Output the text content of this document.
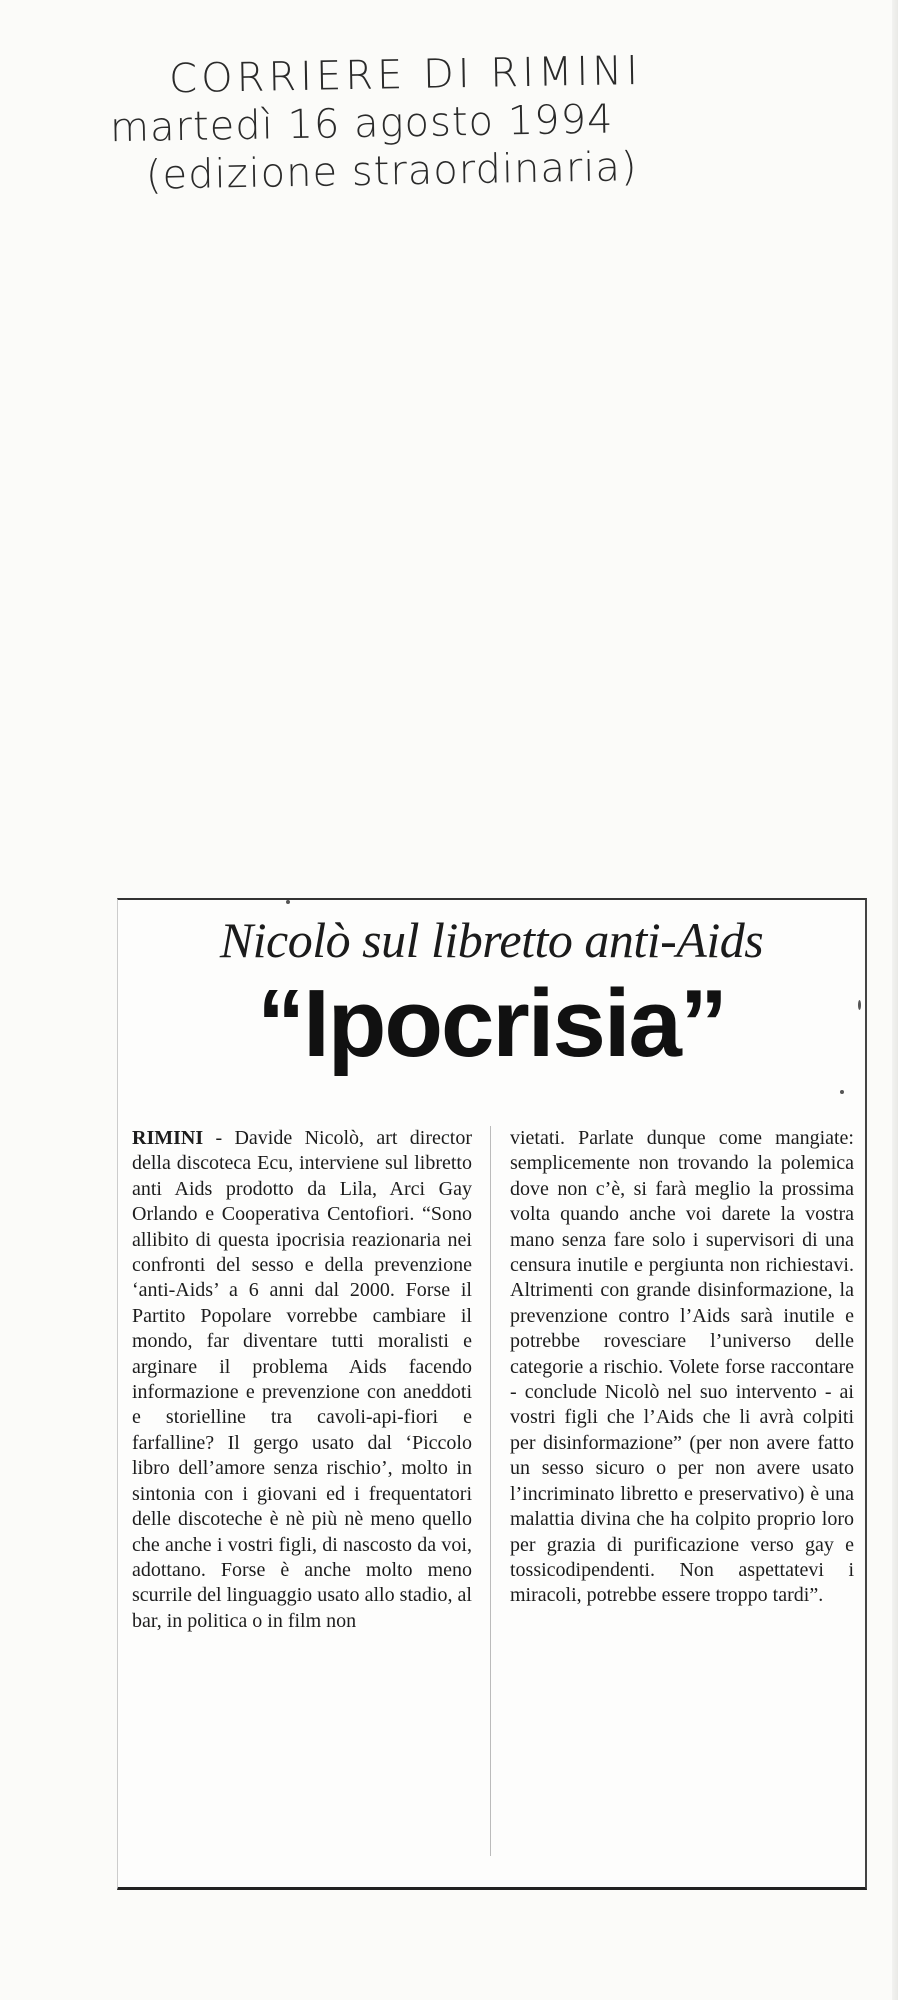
CORRIERE DI RIMINI
martedì 16 agosto 1994
(edizione straordinaria)
Nicolò sul libretto anti-Aids
“Ipocrisia”
RIMINI - Davide Nicolò, art director della discoteca Ecu, interviene sul libretto anti Aids prodotto da Lila, Arci Gay Orlando e Cooperativa Centofiori. “Sono allibito di questa ipocrisia reazionaria nei confronti del sesso e della prevenzione ‘anti-Aids’ a 6 anni dal 2000. Forse il Partito Popolare vorrebbe cambiare il mondo, far diventare tutti moralisti e arginare il problema Aids facendo informazione e prevenzione con aneddoti e storielline tra cavoli-api-fiori e farfalline? Il gergo usato dal ‘Piccolo libro dell’amore senza rischio’, molto in sintonia con i giovani ed i frequentatori delle discoteche è nè più nè meno quello che anche i vostri figli, di nascosto da voi, adottano. Forse è anche molto meno scurrile del linguaggio usato allo stadio, al bar, in politica o in film non
vietati. Parlate dunque come mangiate: semplicemente non trovando la polemica dove non c’è, si farà meglio la prossima volta quando anche voi darete la vostra mano senza fare solo i supervisori di una censura inutile e pergiunta non richiestavi. Altrimenti con grande disinformazione, la prevenzione contro l’Aids sarà inutile e potrebbe rovesciare l’universo delle categorie a rischio. Volete forse raccontare - conclude Nicolò nel suo intervento - ai vostri figli che l’Aids che li avrà colpiti per disinformazione” (per non avere fatto un sesso sicuro o per non avere usato l’incriminato libretto e preservativo) è una malattia divina che ha colpito proprio loro per grazia di purificazione verso gay e tossicodipendenti. Non aspettatevi i miracoli, potrebbe essere troppo tardi”.
